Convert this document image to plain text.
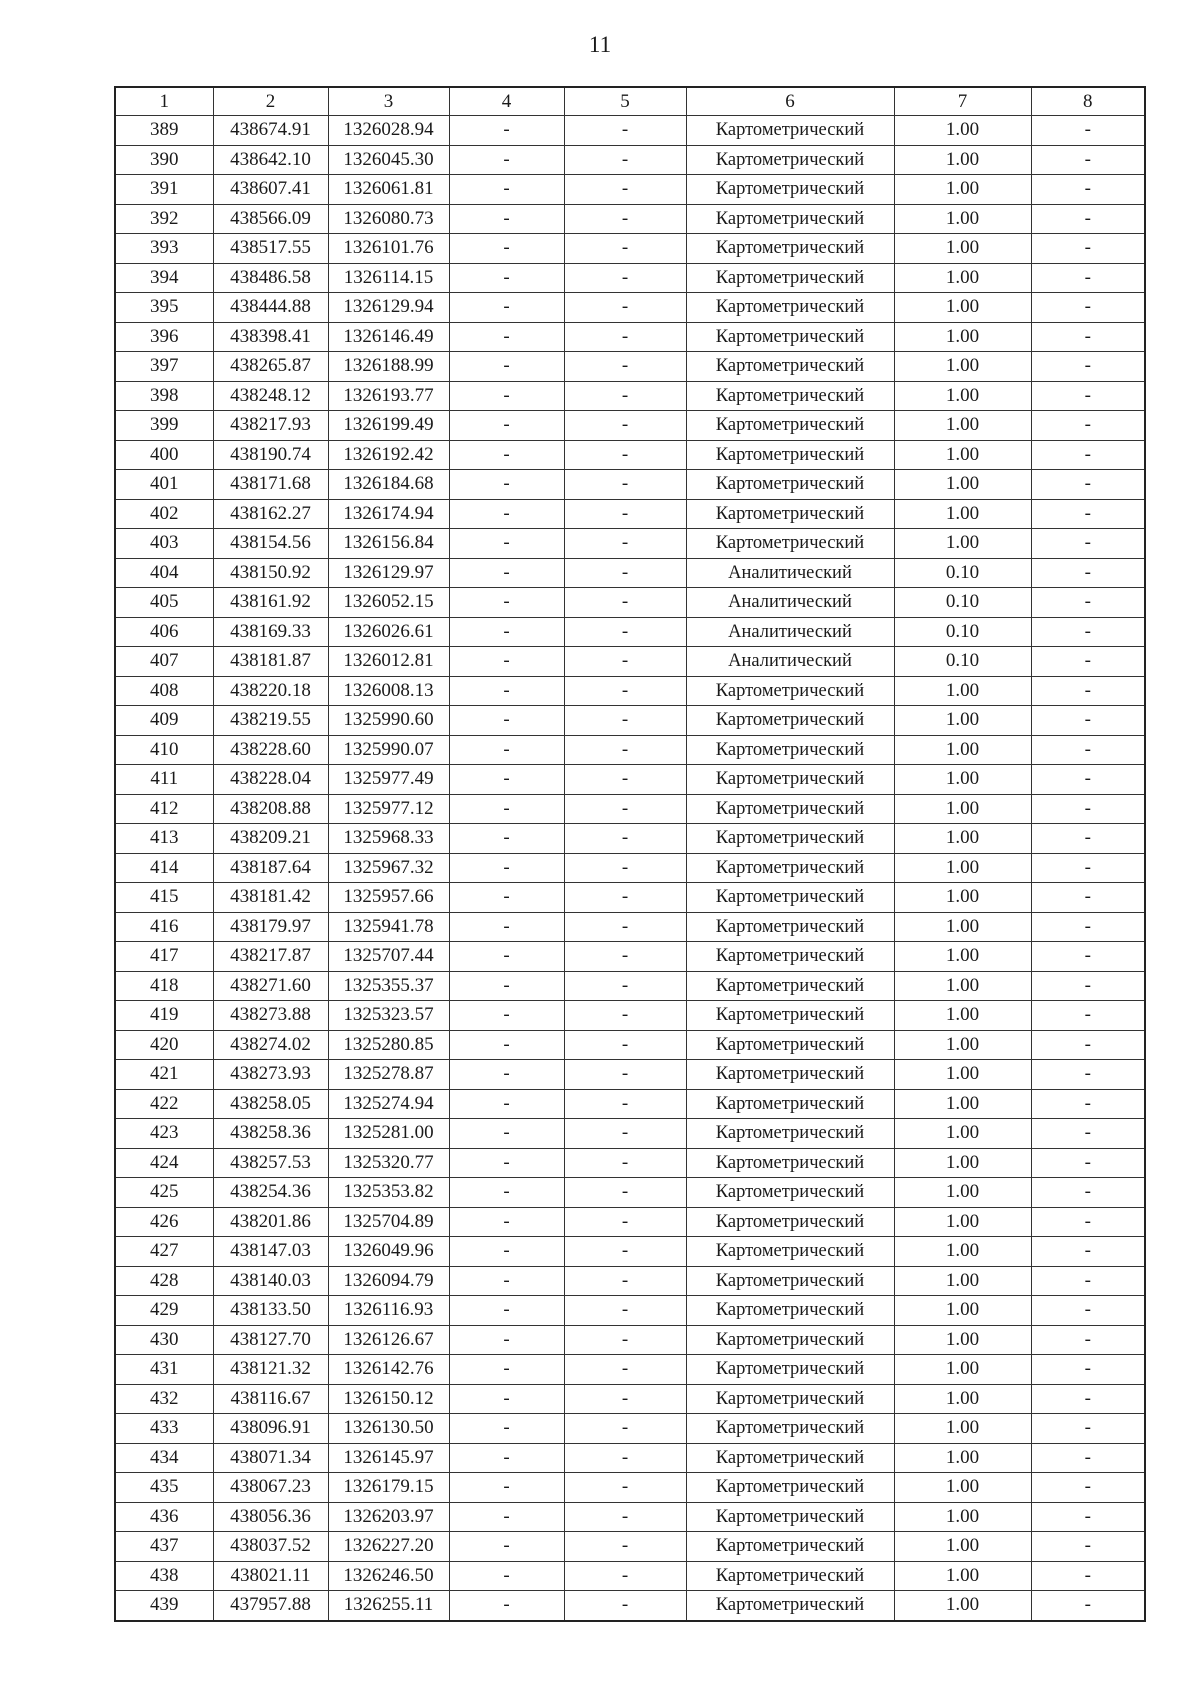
11
1	2	3	4	5	6	7	8
389	438674.91	1326028.94	-	-	Картометрический	1.00	-
390	438642.10	1326045.30	-	-	Картометрический	1.00	-
391	438607.41	1326061.81	-	-	Картометрический	1.00	-
392	438566.09	1326080.73	-	-	Картометрический	1.00	-
393	438517.55	1326101.76	-	-	Картометрический	1.00	-
394	438486.58	1326114.15	-	-	Картометрический	1.00	-
395	438444.88	1326129.94	-	-	Картометрический	1.00	-
396	438398.41	1326146.49	-	-	Картометрический	1.00	-
397	438265.87	1326188.99	-	-	Картометрический	1.00	-
398	438248.12	1326193.77	-	-	Картометрический	1.00	-
399	438217.93	1326199.49	-	-	Картометрический	1.00	-
400	438190.74	1326192.42	-	-	Картометрический	1.00	-
401	438171.68	1326184.68	-	-	Картометрический	1.00	-
402	438162.27	1326174.94	-	-	Картометрический	1.00	-
403	438154.56	1326156.84	-	-	Картометрический	1.00	-
404	438150.92	1326129.97	-	-	Аналитический	0.10	-
405	438161.92	1326052.15	-	-	Аналитический	0.10	-
406	438169.33	1326026.61	-	-	Аналитический	0.10	-
407	438181.87	1326012.81	-	-	Аналитический	0.10	-
408	438220.18	1326008.13	-	-	Картометрический	1.00	-
409	438219.55	1325990.60	-	-	Картометрический	1.00	-
410	438228.60	1325990.07	-	-	Картометрический	1.00	-
411	438228.04	1325977.49	-	-	Картометрический	1.00	-
412	438208.88	1325977.12	-	-	Картометрический	1.00	-
413	438209.21	1325968.33	-	-	Картометрический	1.00	-
414	438187.64	1325967.32	-	-	Картометрический	1.00	-
415	438181.42	1325957.66	-	-	Картометрический	1.00	-
416	438179.97	1325941.78	-	-	Картометрический	1.00	-
417	438217.87	1325707.44	-	-	Картометрический	1.00	-
418	438271.60	1325355.37	-	-	Картометрический	1.00	-
419	438273.88	1325323.57	-	-	Картометрический	1.00	-
420	438274.02	1325280.85	-	-	Картометрический	1.00	-
421	438273.93	1325278.87	-	-	Картометрический	1.00	-
422	438258.05	1325274.94	-	-	Картометрический	1.00	-
423	438258.36	1325281.00	-	-	Картометрический	1.00	-
424	438257.53	1325320.77	-	-	Картометрический	1.00	-
425	438254.36	1325353.82	-	-	Картометрический	1.00	-
426	438201.86	1325704.89	-	-	Картометрический	1.00	-
427	438147.03	1326049.96	-	-	Картометрический	1.00	-
428	438140.03	1326094.79	-	-	Картометрический	1.00	-
429	438133.50	1326116.93	-	-	Картометрический	1.00	-
430	438127.70	1326126.67	-	-	Картометрический	1.00	-
431	438121.32	1326142.76	-	-	Картометрический	1.00	-
432	438116.67	1326150.12	-	-	Картометрический	1.00	-
433	438096.91	1326130.50	-	-	Картометрический	1.00	-
434	438071.34	1326145.97	-	-	Картометрический	1.00	-
435	438067.23	1326179.15	-	-	Картометрический	1.00	-
436	438056.36	1326203.97	-	-	Картометрический	1.00	-
437	438037.52	1326227.20	-	-	Картометрический	1.00	-
438	438021.11	1326246.50	-	-	Картометрический	1.00	-
439	437957.88	1326255.11	-	-	Картометрический	1.00	-
